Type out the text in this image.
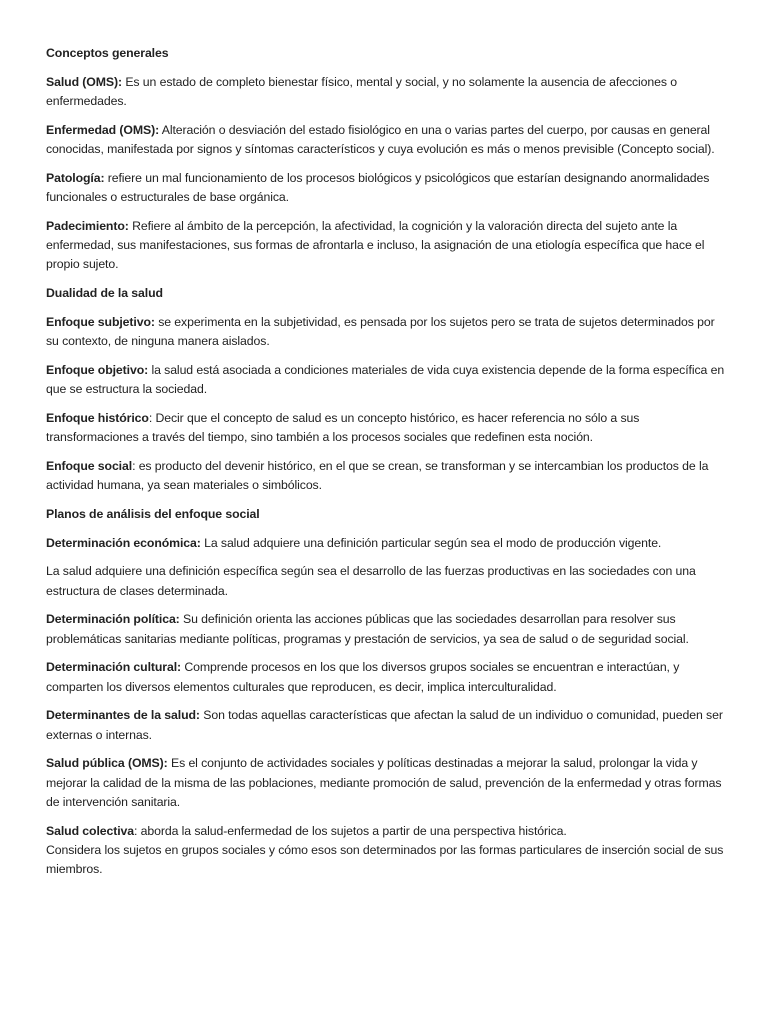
Conceptos generales

Salud (OMS): Es un estado de completo bienestar físico, mental y social, y no solamente la ausencia de afecciones o enfermedades.

Enfermedad (OMS): Alteración o desviación del estado fisiológico en una o varias partes del cuerpo, por causas en general conocidas, manifestada por signos y síntomas característicos y cuya evolución es más o menos previsible (Concepto social).

Patología: refiere un mal funcionamiento de los procesos biológicos y psicológicos que estarían designando anormalidades funcionales o estructurales de base orgánica.

Padecimiento: Refiere al ámbito de la percepción, la afectividad, la cognición y la valoración directa del sujeto ante la enfermedad, sus manifestaciones, sus formas de afrontarla e incluso, la asignación de una etiología específica que hace el propio sujeto.

Dualidad de la salud

Enfoque subjetivo: se experimenta en la subjetividad, es pensada por los sujetos pero se trata de sujetos determinados por su contexto, de ninguna manera aislados.

Enfoque objetivo: la salud está asociada a condiciones materiales de vida cuya existencia depende de la forma específica en que se estructura la sociedad.

Enfoque histórico: Decir que el concepto de salud es un concepto histórico, es hacer referencia no sólo a sus transformaciones a través del tiempo, sino también a los procesos sociales que redefinen esta noción.

Enfoque social: es producto del devenir histórico, en el que se crean, se transforman y se intercambian los productos de la actividad humana, ya sean materiales o simbólicos.

Planos de análisis del enfoque social

Determinación económica: La salud adquiere una definición particular según sea el modo de producción vigente.

La salud adquiere una definición específica según sea el desarrollo de las fuerzas productivas en las sociedades con una estructura de clases determinada.

Determinación política: Su definición orienta las acciones públicas que las sociedades desarrollan para resolver sus problemáticas sanitarias mediante políticas, programas y prestación de servicios, ya sea de salud o de seguridad social.

Determinación cultural: Comprende procesos en los que los diversos grupos sociales se encuentran e interactúan, y comparten los diversos elementos culturales que reproducen, es decir, implica interculturalidad.

Determinantes de la salud: Son todas aquellas características que afectan la salud de un individuo o comunidad, pueden ser externas o internas.

Salud pública (OMS): Es el conjunto de actividades sociales y políticas destinadas a mejorar la salud, prolongar la vida y mejorar la calidad de la misma de las poblaciones, mediante promoción de salud, prevención de la enfermedad y otras formas de intervención sanitaria.

Salud colectiva: aborda la salud-enfermedad de los sujetos a partir de una perspectiva histórica.
Considera los sujetos en grupos sociales y cómo esos son determinados por las formas particulares de inserción social de sus miembros.
